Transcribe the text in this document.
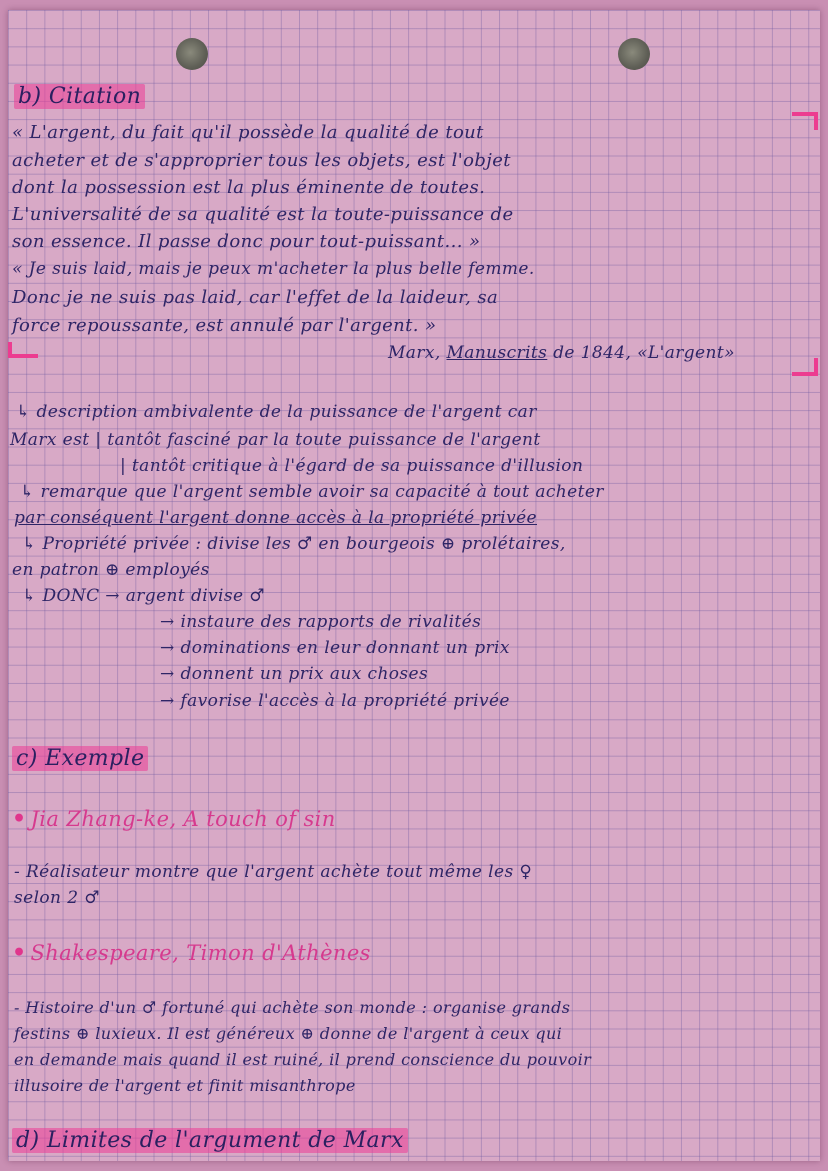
b) Citation
« L'argent, du fait qu'il possède la qualité de tout
acheter et de s'approprier tous les objets, est l'objet
dont la possession est la plus éminente de toutes.
L'universalité de sa qualité est la toute-puissance de
son essence. Il passe donc pour tout-puissant... »
« Je suis laid, mais je peux m'acheter la plus belle femme.
Donc je ne suis pas laid, car l'effet de la laideur, sa
force repoussante, est annulé par l'argent. »
Marx, Manuscrits de 1844, «L'argent»
↳ description ambivalente de la puissance de l'argent car
Marx est | tantôt fasciné par la toute puissance de l'argent
| tantôt critique à l'égard de sa puissance d'illusion
↳ remarque que l'argent semble avoir sa capacité à tout acheter
par conséquent l'argent donne accès à la propriété privée
↳ Propriété privée : divise les ♂ en bourgeois ⊕ prolétaires,
en patron ⊕ employés
↳ DONC → argent divise ♂
→ instaure des rapports de rivalités
→ dominations en leur donnant un prix
→ donnent un prix aux choses
→ favorise l'accès à la propriété privée
c) Exemple
• Jia Zhang-ke, A touch of sin
- Réalisateur montre que l'argent achète tout même les ♀
selon 2 ♂
• Shakespeare, Timon d'Athènes
- Histoire d'un ♂ fortuné qui achète son monde : organise grands
festins ⊕ luxieux. Il est généreux ⊕ donne de l'argent à ceux qui
en demande mais quand il est ruiné, il prend conscience du pouvoir
illusoire de l'argent et finit misanthrope
d) Limites de l'argument de Marx
